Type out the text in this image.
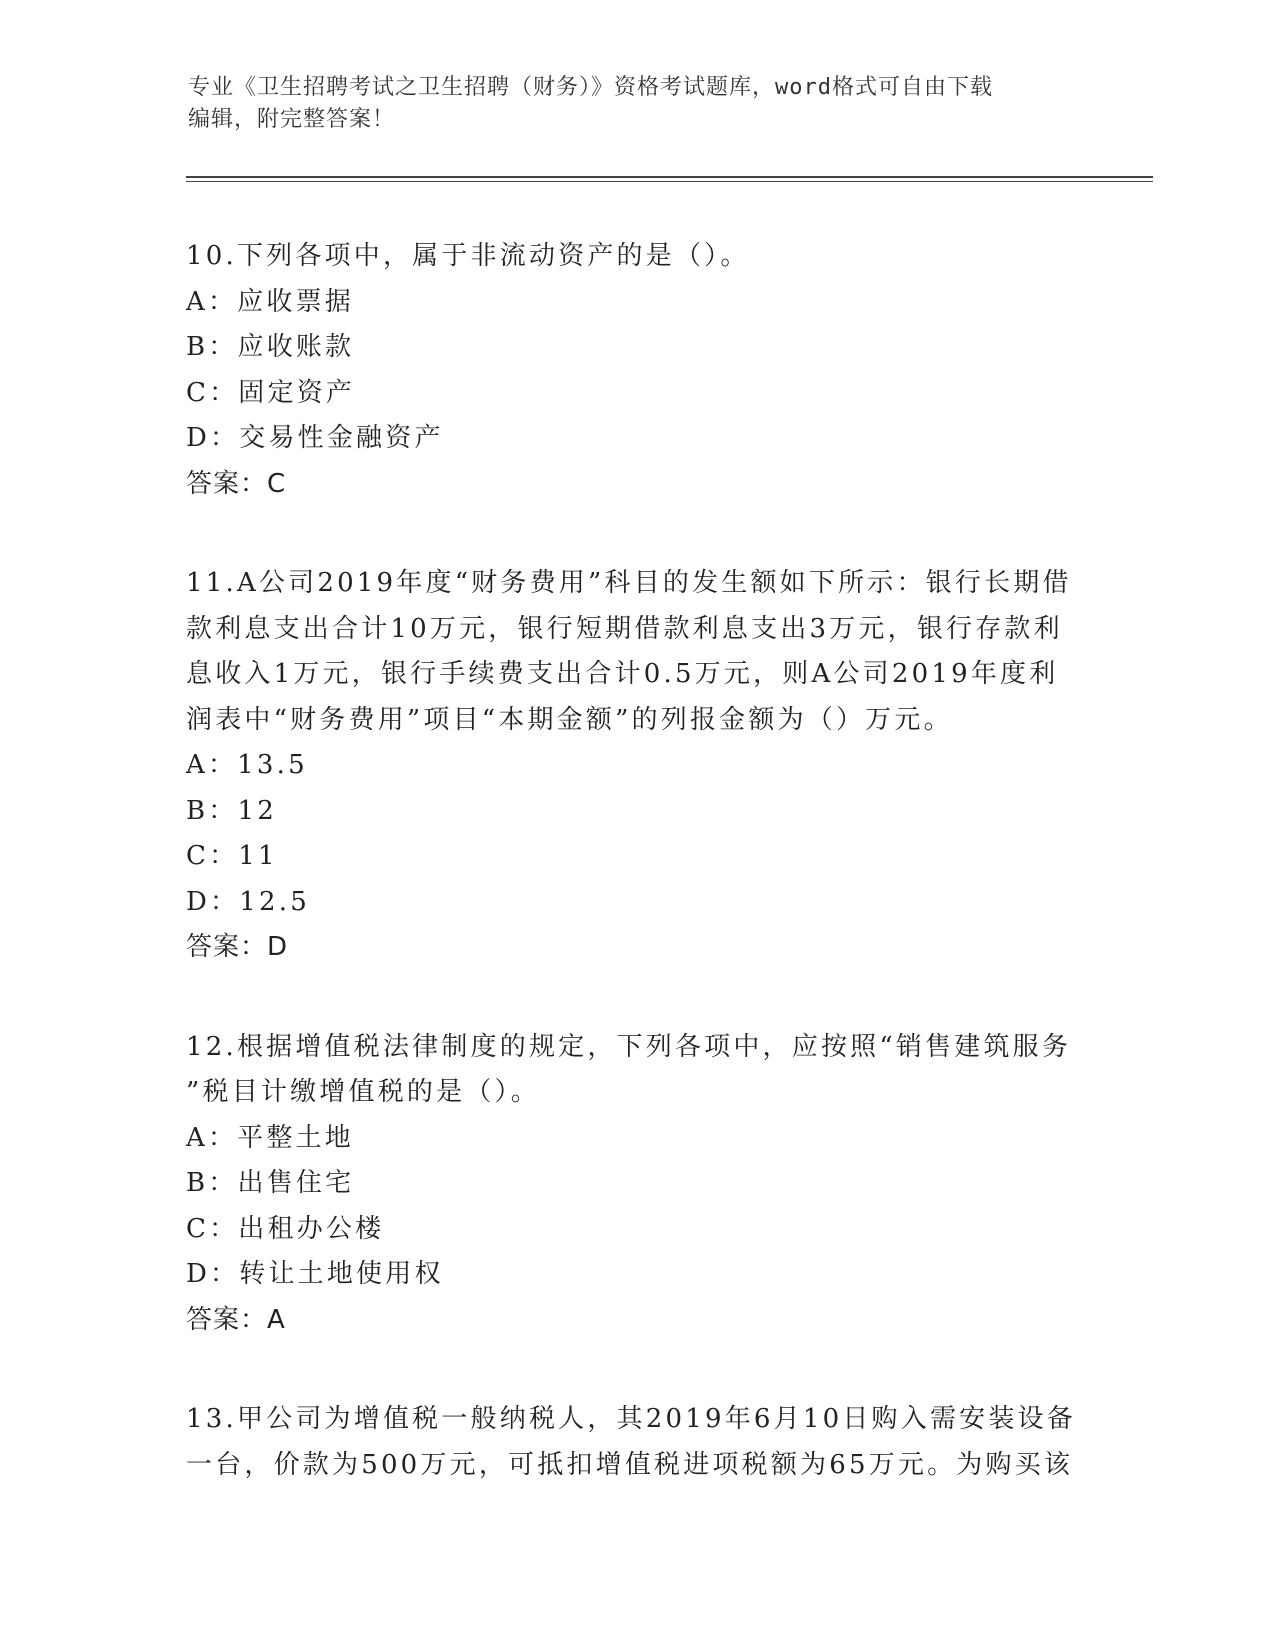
专业《卫生招聘考试之卫生招聘（财务）》资格考试题库，word格式可自由下载
编辑，附完整答案！
10.下列各项中，属于非流动资产的是（）。
A：应收票据
B：应收账款
C：固定资产
D：交易性金融资产
答案：C
11.A公司2019年度“财务费用”科目的发生额如下所示：银行长期借
款利息支出合计10万元，银行短期借款利息支出3万元，银行存款利
息收入1万元，银行手续费支出合计0.5万元，则A公司2019年度利
润表中“财务费用”项目“本期金额”的列报金额为（）万元。
A：13.5
B：12
C：11
D：12.5
答案：D
12.根据增值税法律制度的规定，下列各项中，应按照“销售建筑服务
”税目计缴增值税的是（）。
A：平整土地
B：出售住宅
C：出租办公楼
D：转让土地使用权
答案：A
13.甲公司为增值税一般纳税人，其2019年6月10日购入需安装设备
一台，价款为500万元，可抵扣增值税进项税额为65万元。为购买该
